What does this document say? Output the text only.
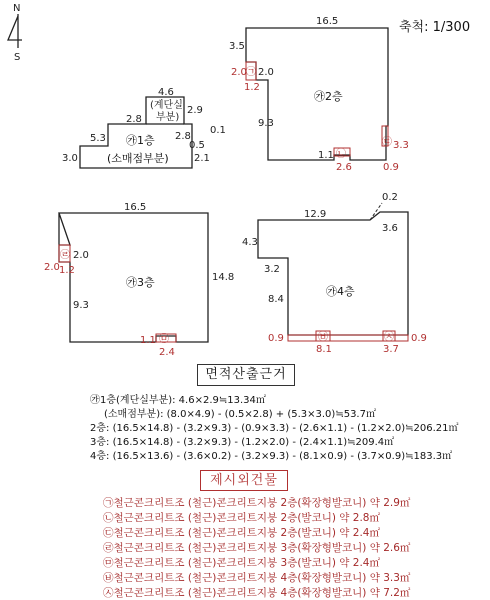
N
S
4.6
(계단실
부분)
2.9
2.8
2.8
0.1
5.3 ㉮1층	0.5
3.0	(소매점부분)	2.1
16.5
3.5
2.0 ㉠ 2.0
1.2
㉮2층
9.3
㉢ 3.3
1.1 ㉡
2.6	0.9
16.5
14.8
2.0
㉣ 2.0
1.2
㉮3층
9.3
1.1 ㉤
2.4
0.2
12.9
3.6
4.3
3.2
㉮4층
8.4
0.9	㉥
8.1
㉦
3.7
0.9
축척: 1/300
면적산출근거
㉮1층(계단실부분): 4.6×2.9≒13.34㎡
(소매점부분): (8.0×4.9) - (0.5×2.8) + (5.3×3.0)≒53.7㎡
2층: (16.5×14.8) - (3.2×9.3) - (0.9×3.3) - (2.6×1.1) - (1.2×2.0)≒206.21㎡
3층: (16.5×14.8) - (3.2×9.3) - (1.2×2.0) - (2.4×1.1)≒209.4㎡
4층: (16.5×13.6) - (3.6×0.2) - (3.2×9.3) - (8.1×0.9) - (3.7×0.9)≒183.3㎡
제시외건물
㉠철근콘크리트조 (철근)콘크리트지붕 2층(확장형발코니) 약 2.9㎡
㉡철근콘크리트조 (철근)콘크리트지붕 2층(발코니) 약 2.8㎡
㉢철근콘크리트조 (철근)콘크리트지붕 2층(발코니) 약 2.4㎡
㉣철근콘크리트조 (철근)콘크리트지붕 3층(확장형발코니) 약 2.6㎡
㉤철근콘크리트조 (철근)콘크리트지붕 3층(발코니) 약 2.4㎡
㉥철근콘크리트조 (철근)콘크리트지붕 4층(확장형발코니) 약 3.3㎡
㉦철근콘크리트조 (철근)콘크리트지붕 4층(확장형발코니) 약 7.2㎡
